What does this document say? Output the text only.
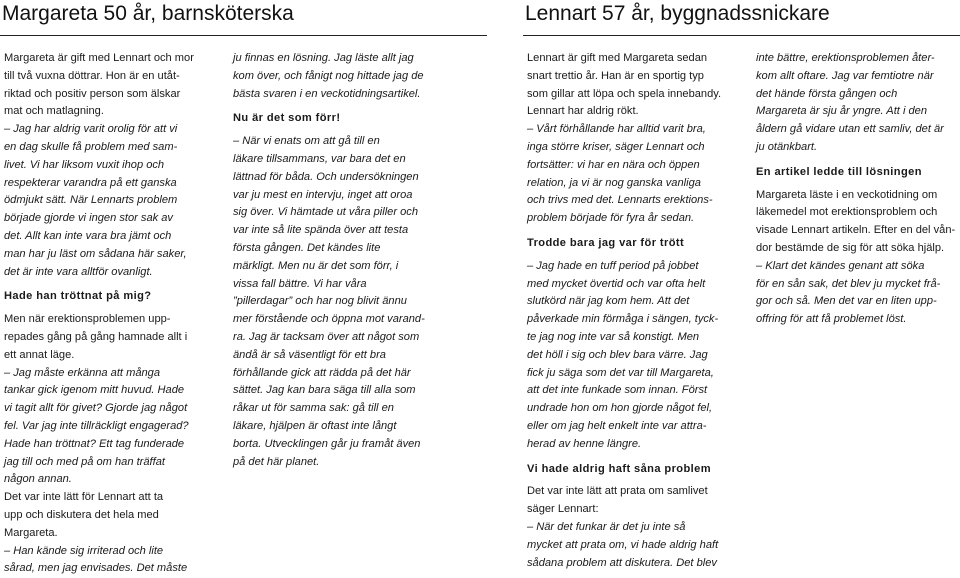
Margareta 50 år, barnsköterska	Lennart 57 år, byggnadssnickare
Margareta är gift med Lennart och mor
till två vuxna döttrar. Hon är en utåt-
riktad och positiv person som älskar
mat och matlagning.
– Jag har aldrig varit orolig för att vi
en dag skulle få problem med sam-
livet. Vi har liksom vuxit ihop och
respekterar varandra på ett ganska
ödmjukt sätt. När Lennarts problem
började gjorde vi ingen stor sak av
det. Allt kan inte vara bra jämt och
man har ju läst om sådana här saker,
det är inte vara alltför ovanligt.
Hade han tröttnat på mig?
Men när erektionsproblemen upp-
repades gång på gång hamnade allt i
ett annat läge.
– Jag måste erkänna att många
tankar gick igenom mitt huvud. Hade
vi tagit allt för givet? Gjorde jag något
fel. Var jag inte tillräckligt engagerad?
Hade han tröttnat? Ett tag funderade
jag till och med på om han träffat
någon annan.
Det var inte lätt för Lennart att ta
upp och diskutera det hela med
Margareta.
– Han kände sig irriterad och lite
sårad, men jag envisades. Det måste
ju finnas en lösning. Jag läste allt jag
kom över, och fånigt nog hittade jag de
bästa svaren i en veckotidningsartikel.
Nu är det som förr!
– När vi enats om att gå till en
läkare tillsammans, var bara det en
lättnad för båda. Och undersökningen
var ju mest en intervju, inget att oroa
sig över. Vi hämtade ut våra piller och
var inte så lite spända över att testa
första gången. Det kändes lite
märkligt. Men nu är det som förr, i
vissa fall bättre. Vi har våra
”pillerdagar” och har nog blivit ännu
mer förstående och öppna mot varand-
ra. Jag är tacksam över att något som
ändå är så väsentligt för ett bra
förhållande gick att rädda på det här
sättet. Jag kan bara säga till alla som
råkar ut för samma sak: gå till en
läkare, hjälpen är oftast inte långt
borta. Utvecklingen går ju framåt även
på det här planet.
Lennart är gift med Margareta sedan
snart trettio år. Han är en sportig typ
som gillar att löpa och spela innebandy.
Lennart har aldrig rökt.
– Vårt förhållande har alltid varit bra,
inga större kriser, säger Lennart och
fortsätter: vi har en nära och öppen
relation, ja vi är nog ganska vanliga
och trivs med det. Lennarts erektions-
problem började för fyra år sedan.
Trodde bara jag var för trött
– Jag hade en tuff period på jobbet
med mycket övertid och var ofta helt
slutkörd när jag kom hem. Att det
påverkade min förmåga i sängen, tyck-
te jag nog inte var så konstigt. Men
det höll i sig och blev bara värre. Jag
fick ju säga som det var till Margareta,
att det inte funkade som innan. Först
undrade hon om hon gjorde något fel,
eller om jag helt enkelt inte var attra-
herad av henne längre.
Vi hade aldrig haft såna problem
Det var inte lätt att prata om samlivet
säger Lennart:
– När det funkar är det ju inte så
mycket att prata om, vi hade aldrig haft
sådana problem att diskutera. Det blev
inte bättre, erektionsproblemen åter-
kom allt oftare. Jag var femtiotre när
det hände första gången och
Margareta är sju år yngre. Att i den
åldern gå vidare utan ett samliv, det är
ju otänkbart.
En artikel ledde till lösningen
Margareta läste i en veckotidning om
läkemedel mot erektionsproblem och
visade Lennart artikeln. Efter en del vån-
dor bestämde de sig för att söka hjälp.
– Klart det kändes genant att söka
för en sån sak, det blev ju mycket frå-
gor och så. Men det var en liten upp-
offring för att få problemet löst.
